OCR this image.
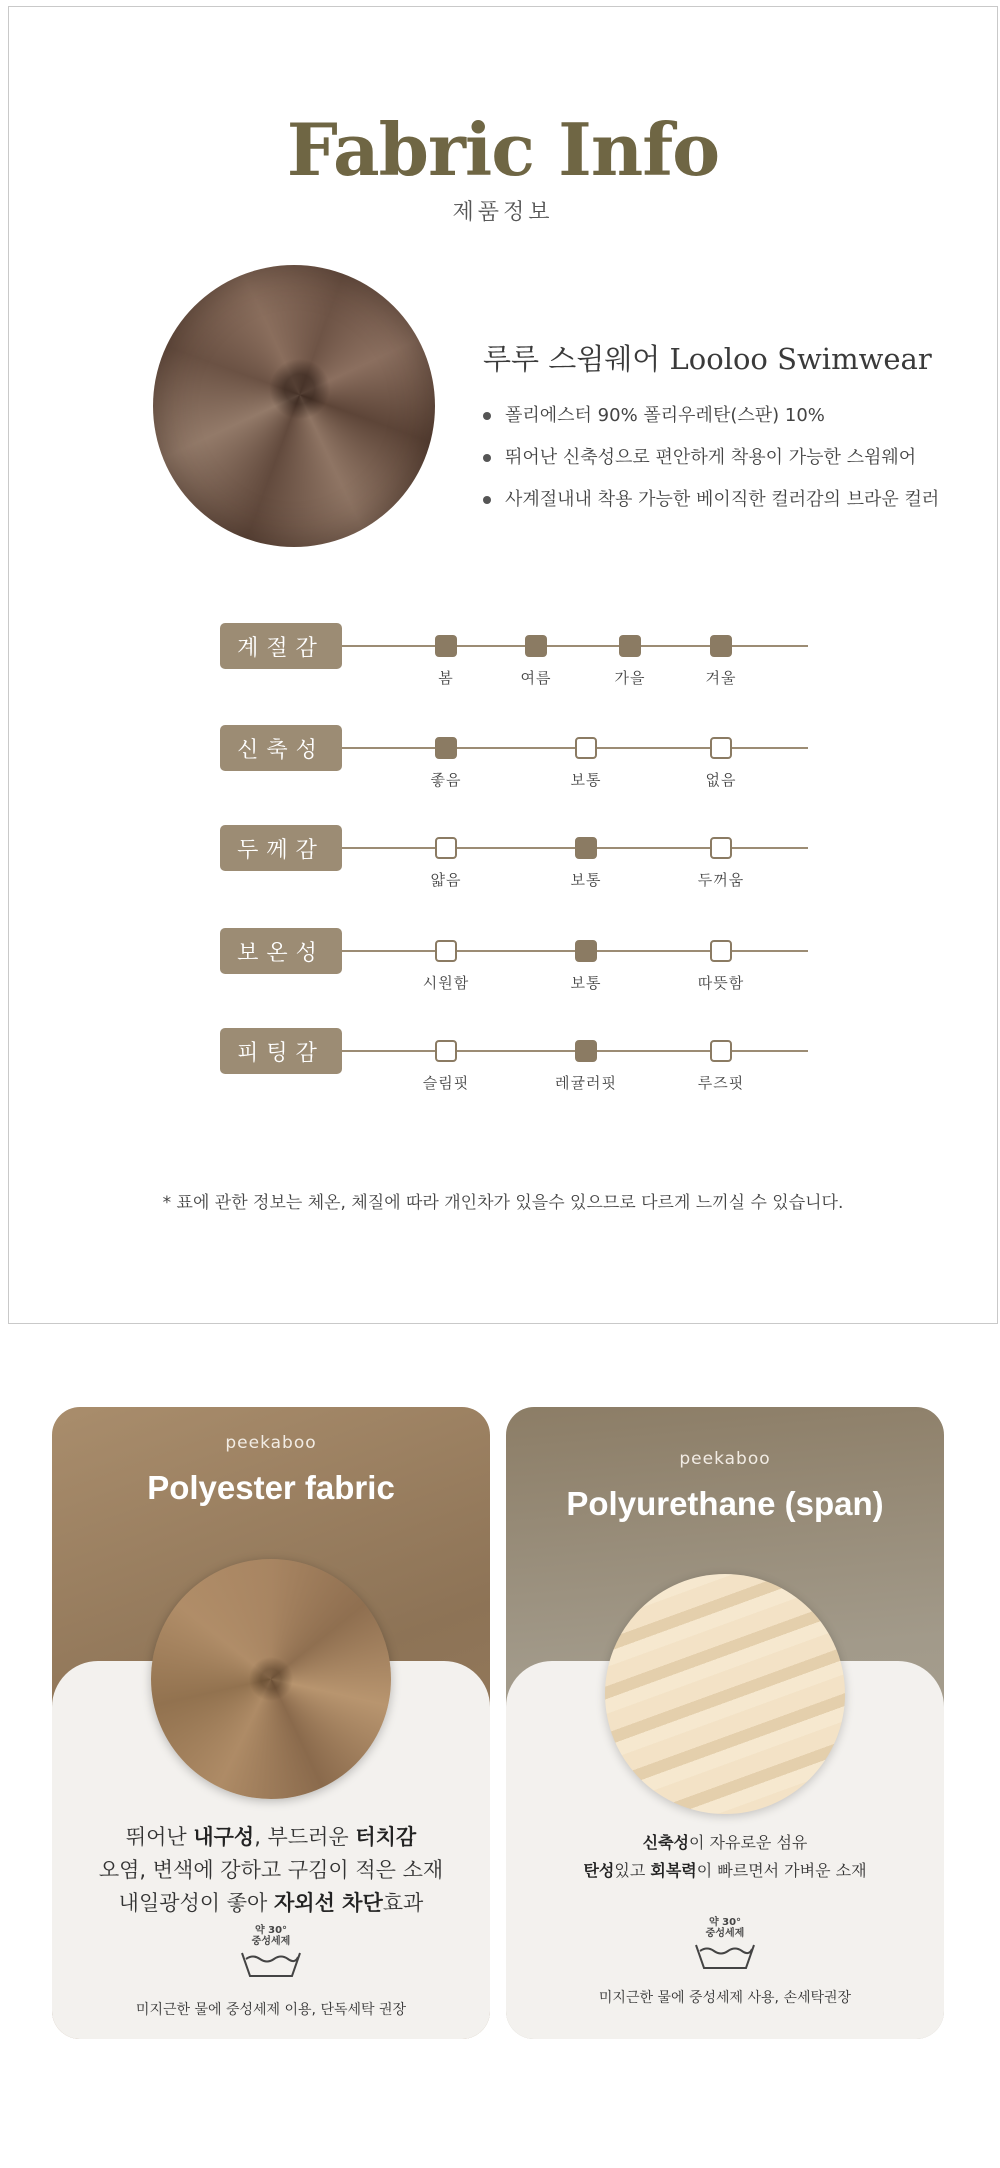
Fabric Info
제품정보
루루 스윔웨어 Looloo Swimwear
폴리에스터 90% 폴리우레탄(스판) 10%
뛰어난 신축성으로 편안하게 착용이 가능한 스윔웨어
사계절내내 착용 가능한 베이직한 컬러감의 브라운 컬러
계절감
봄	여름	가을	겨울
신축성
좋음	보통	없음
두께감
얇음	보통	두꺼움
보온성
시원함	보통	따뜻함
피팅감
슬림핏	레귤러핏	루즈핏
* 표에 관한 정보는 체온, 체질에 따라 개인차가 있을수 있으므로 다르게 느끼실 수 있습니다.
peekaboo
Polyester fabric

뛰어난 내구성, 부드러운 터치감

오염, 변색에 강하고 구김이 적은 소재

내일광성이 좋아 자외선 차단효과

약 30°
중성세제
미지근한 물에 중성세제 이용, 단독세탁 권장
peekaboo
Polyurethane (span)

신축성이 자유로운 섬유

탄성있고 회복력이 빠르면서 가벼운 소재

약 30°
중성세제
미지근한 물에 중성세제 사용, 손세탁권장
